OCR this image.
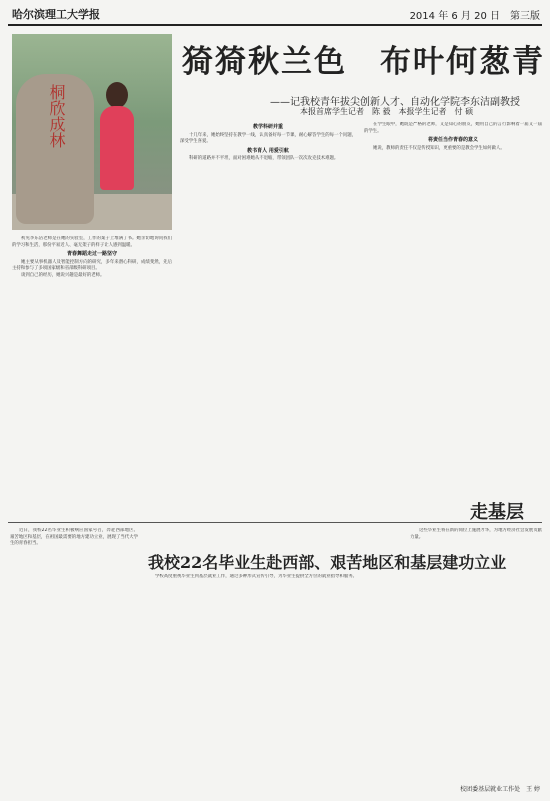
哈尔滨理工大学报	2014 年 6 月 20 日　第三版
桐欣成林
猗猗秋兰色　布叶何葱青
——记我校青年拔尖创新人才、自动化学院李东洁副教授
本报首席学生记者　陈 毅　本报学生记者　付 硕

初见李东洁老师是在她的实验室，工作的案子上堆满了书。她亲切地询问我们的学习和生活，那份平易近人、毫无架子的样子让人感到温暖。

青春舞蹈走过一路坚守

她主要从事机器人及智能控制方向的研究，多年来潜心科研，成绩斐然，先后主持和参与了多项国家级和省部级科研项目。

谈到自己的经历，她说兴趣是最好的老师。

教学科研并重

十几年来，她始终坚持在教学一线，认真备好每一节课，耐心解答学生的每一个问题，深受学生喜爱。

教书育人 用爱引航

科研的道路并不平坦，面对困难她从不退缩，带领团队一次次攻克技术难题。

在学生眼中，她既是严格的老师，又是知心的朋友，她用自己的言行影响着一届又一届的学生。

将责任当作青春的意义

她说，教师的责任不仅是传授知识，更重要的是教会学生如何做人。

走基层

近日，我校22名毕业生积极响应国家号召，奔赴西部地区、艰苦地区和基层，在祖国最需要的地方建功立业，展现了当代大学生的青春担当。

我校22名毕业生赴西部、艰苦地区和基层建功立业

学校高度重视毕业生到基层就业工作，通过多种形式宣传引导，为毕业生提供全方位的就业指导和服务。

这些毕业生将在新的岗位上施展才华，为地方经济社会发展贡献力量。

校团委基层就业工作处　王 婷
